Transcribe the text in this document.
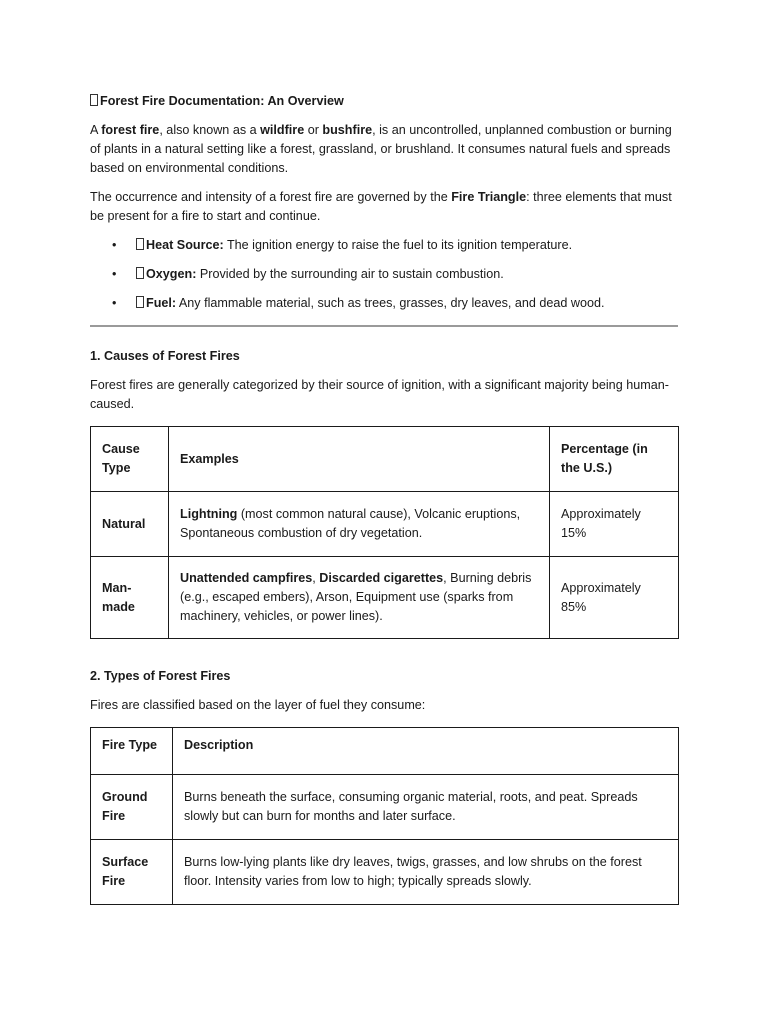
Forest Fire Documentation: An Overview

A forest fire, also known as a wildfire or bushfire, is an uncontrolled, unplanned combustion or burning of plants in a natural setting like a forest, grassland, or brushland. It consumes natural fuels and spreads based on environmental conditions.

The occurrence and intensity of a forest fire are governed by the Fire Triangle: three elements that must be present for a fire to start and continue.

• Heat Source: The ignition energy to raise the fuel to its ignition temperature.
• Oxygen: Provided by the surrounding air to sustain combustion.
• Fuel: Any flammable material, such as trees, grasses, dry leaves, and dead wood.
1. Causes of Forest Fires

Forest fires are generally categorized by their source of ignition, with a significant majority being human-caused.

Cause Type	Examples	Percentage (in the U.S.)
Natural	Lightning (most common natural cause), Volcanic eruptions, Spontaneous combustion of dry vegetation.	Approximately 15%
Man-made	Unattended campfires, Discarded cigarettes, Burning debris (e.g., escaped embers), Arson, Equipment use (sparks from machinery, vehicles, or power lines).	Approximately 85%
2. Types of Forest Fires

Fires are classified based on the layer of fuel they consume:

Fire Type	Description
Ground Fire	Burns beneath the surface, consuming organic material, roots, and peat. Spreads slowly but can burn for months and later surface.
Surface Fire	Burns low-lying plants like dry leaves, twigs, grasses, and low shrubs on the forest floor. Intensity varies from low to high; typically spreads slowly.
